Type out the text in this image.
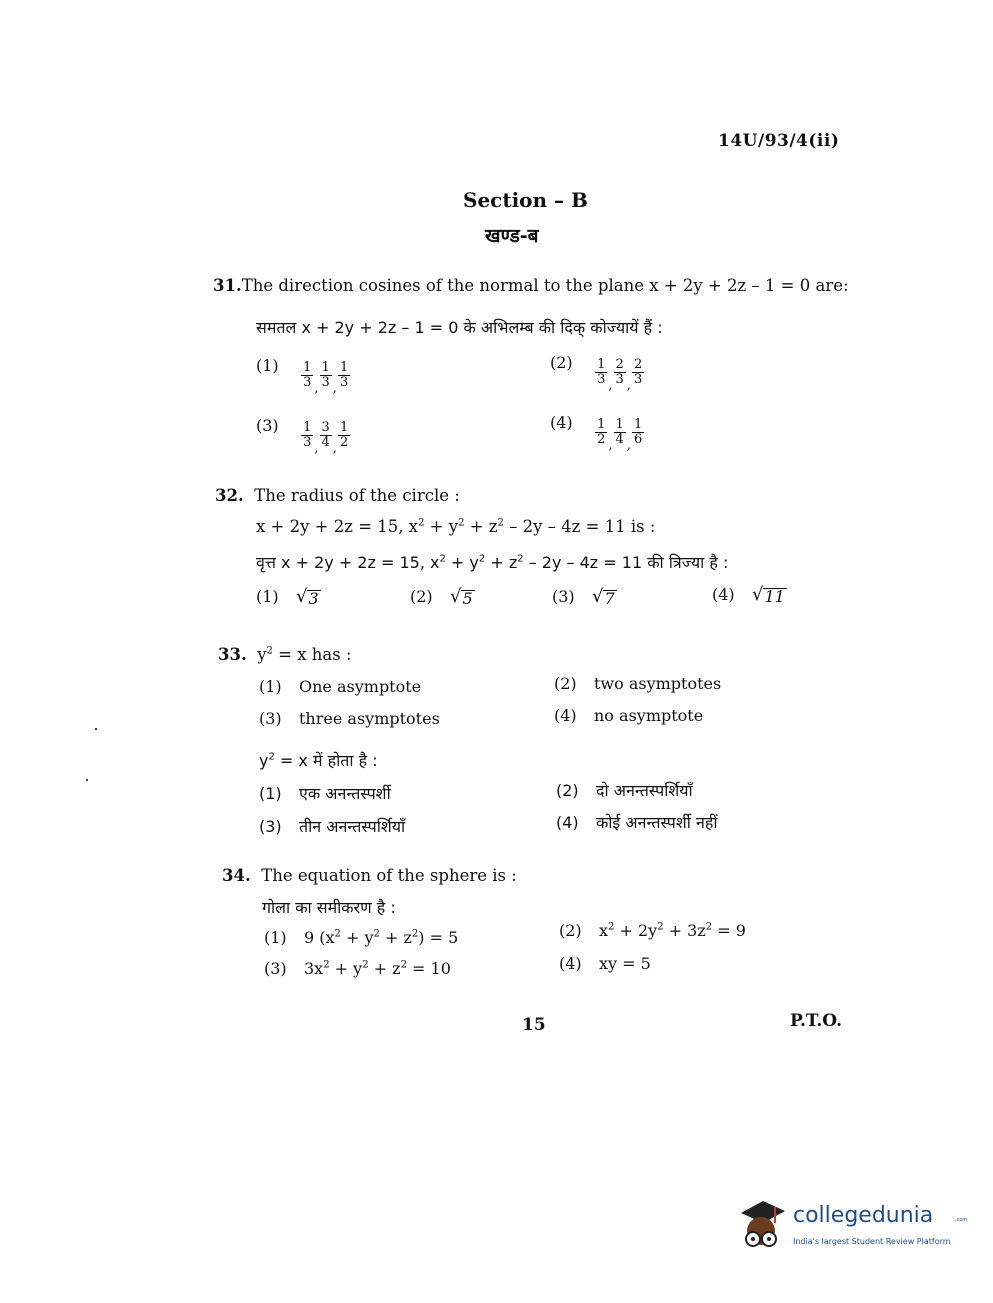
14U/93/4(ii)
Section – B
खण्ड-ब
31.The direction cosines of the normal to the plane x + 2y + 2z – 1 = 0 are:
समतल x + 2y + 2z – 1 = 0 के अभिलम्ब की दिक् कोज्यायें हैं :
$(1) \frac{1}{3}$ , $\frac{1}{3}$ , $\frac{1}{3}$	$(2) \frac{1}{3}$ , $\frac{2}{3}$ , $\frac{2}{3}$
$(3) \frac{1}{3}$ , $\frac{3}{4}$ , $\frac{1}{2}$	$(4) \frac{1}{2}$ , $\frac{1}{4}$ , $\frac{1}{6}$
32. The radius of the circle :
x + 2y + 2z = 15, $x^2 + y^2 + z^2 - 2y - 4z = 11$ is :
वृत्त x + 2y + 2z = 15, $x^2 + y^2 + z^2 - 2y - 4z = 11$ की त्रिज्या है :
(1) √ 3	(2) √ 5	(3) √ 7	(4) √ 11
33. $y^2 = x$ has :
(1) One asymptote	(2) two asymptotes
(3) three asymptotes	(4) no asymptote
$y^2 = x$ में होता है :
(1) एक अनन्तस्पर्शी	(2) दो अनन्तस्पर्शियाँ
(3) तीन अनन्तस्पर्शियाँ	(4) कोई अनन्तस्पर्शी नहीं
34. The equation of the sphere is :
गोला का समीकरण है :
(1) 9 $(x^2 + y^2 + z^2) = 5$	(2) $x^2 + 2y^2 + 3z^2 = 9$
(3) $3x^2 + y^2 + z^2 = 10$	(4) xy = 5
15	P.T.O.
collegedunia	.com
India's largest Student Review Platform
